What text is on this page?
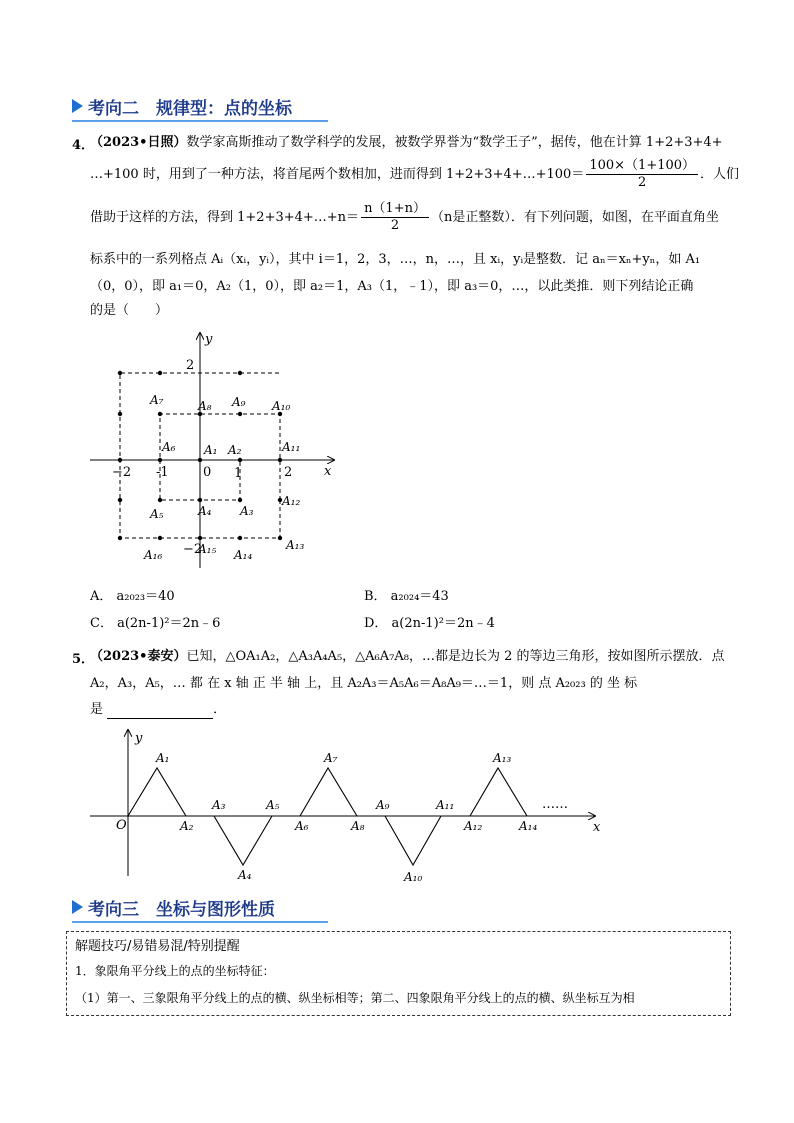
考向二　规律型：点的坐标
4．
（2023•日照）数学家高斯推动了数学科学的发展，被数学界誉为“数学王子”，据传，他在计算 1+2+3+4+
…+100 时，用到了一种方法，将首尾两个数相加，进而得到 1+2+3+4+…+100＝ $\frac{100\times(1+100)}{2}$ ．人们
借助于这样的方法，得到 1+2+3+4+…+n＝ $\frac{n(1+n)}{2} (n$是正整数）．有下列问题，如图，在平面直角坐
标系中的一系列格点 Aᵢ（xᵢ，yᵢ），其中 i＝1，2，3，…，n，…，且 xᵢ，yᵢ是整数．记 aₙ＝xₙ+yₙ，如 A₁
（0，0），即 a₁＝0，A₂（1，0），即 a₂＝1，A₃（1，﹣1），即 a₃＝0，…，以此类推．则下列结论正确
的是（　　）
x
y
−2 -1	0 1	2
2
−2
A₁ A₂
A₃
A₄
A₅
A₆
A₇	A₈ A₉ A₁₀
A₁₁
A₁₂
A₁₃
A₁₄
A₁₅
A₁₆
A． a₂₀₂₃＝40	B． a₂₀₂₄＝43
C． a(2n-1)²＝2n﹣6	D． a(2n-1)²＝2n﹣4
5．
（2023•泰安）已知，△OA₁A₂，△A₃A₄A₅，△A₆A₇A₈，…都是边长为 2 的等边三角形，按如图所示摆放．点
A₂，A₃，A₅，… 都 在 x 轴 正 半 轴 上，且 A₂A₃＝A₅A₆＝A₈A₉＝…＝1，则 点 A₂₀₂₃ 的 坐 标
是	．
x
y
O
……
A₁
A₂
A₃
A₄
A₅
A₆
A₇
A₈
A₉
A₁₀
A₁₁
A₁₂
A₁₃
A₁₄
考向三　坐标与图形性质
解题技巧/易错易混/特别提醒
1．象限角平分线上的点的坐标特征：
（1）第一、三象限角平分线上的点的横、纵坐标相等；第二、四象限角平分线上的点的横、纵坐标互为相
